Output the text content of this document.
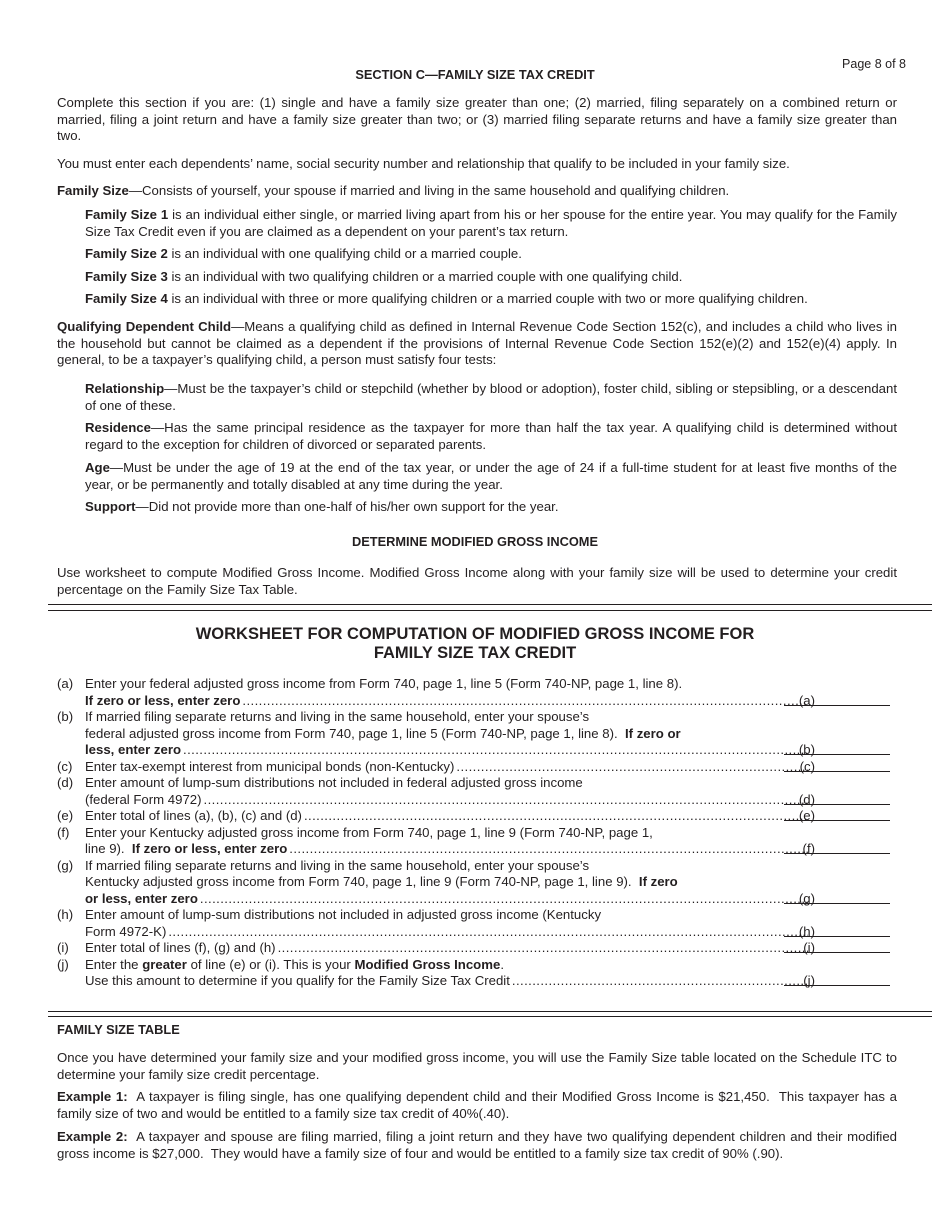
Page 8 of 8
SECTION C—FAMILY SIZE TAX CREDIT
Complete this section if you are: (1) single and have a family size greater than one; (2) married, filing separately on a combined return or married, filing a joint return and have a family size greater than two; or (3) married filing separate returns and have a family size greater than two.
You must enter each dependents’ name, social security number and relationship that qualify to be included in your family size.
Family Size—Consists of yourself, your spouse if married and living in the same household and qualifying children.
Family Size 1 is an individual either single, or married living apart from his or her spouse for the entire year. You may qualify for the Family Size Tax Credit even if you are claimed as a dependent on your parent’s tax return.
Family Size 2 is an individual with one qualifying child or a married couple.
Family Size 3 is an individual with two qualifying children or a married couple with one qualifying child.
Family Size 4 is an individual with three or more qualifying children or a married couple with two or more qualifying children.
Qualifying Dependent Child—Means a qualifying child as defined in Internal Revenue Code Section 152(c), and includes a child who lives in the household but cannot be claimed as a dependent if the provisions of Internal Revenue Code Section 152(e)(2) and 152(e)(4) apply. In general, to be a taxpayer’s qualifying child, a person must satisfy four tests:
Relationship—Must be the taxpayer’s child or stepchild (whether by blood or adoption), foster child, sibling or stepsibling, or a descendant of one of these.
Residence—Has the same principal residence as the taxpayer for more than half the tax year. A qualifying child is determined without regard to the exception for children of divorced or separated parents.
Age—Must be under the age of 19 at the end of the tax year, or under the age of 24 if a full-time student for at least five months of the year, or be permanently and totally disabled at any time during the year.
Support—Did not provide more than one-half of his/her own support for the year.
DETERMINE MODIFIED GROSS INCOME
Use worksheet to compute Modified Gross Income. Modified Gross Income along with your family size will be used to determine your credit percentage on the Family Size Tax Table.
WORKSHEET FOR COMPUTATION OF MODIFIED GROSS INCOME FOR
FAMILY SIZE TAX CREDIT
(a) Enter your federal adjusted gross income from Form 740, page 1, line 5 (Form 740-NP, page 1, line 8).
If zero or less, enter zero .....	(a)
(b) If married filing separate returns and living in the same household, enter your spouse’s
federal adjusted gross income from Form 740, page 1, line 5 (Form 740-NP, page 1, line 8). If zero or
less, enter zero .....	(b)
(c) Enter tax-exempt interest from municipal bonds (non-Kentucky) .....	(c)
(d) Enter amount of lump-sum distributions not included in federal adjusted gross income
(federal Form 4972) .....	(d)
(e) Enter total of lines (a), (b), (c) and (d) .....	(e)
(f) Enter your Kentucky adjusted gross income from Form 740, page 1, line 9 (Form 740-NP, page 1,
line 9). If zero or less, enter zero .....	(f)
(g) If married filing separate returns and living in the same household, enter your spouse’s
Kentucky adjusted gross income from Form 740, page 1, line 9 (Form 740-NP, page 1, line 9). If zero
or less, enter zero .....	(g)
(h) Enter amount of lump-sum distributions not included in adjusted gross income (Kentucky
Form 4972-K) .....	(h)
(i) Enter total of lines (f), (g) and (h) .....	(i)
(j) Enter the greater of line (e) or (i). This is your Modified Gross Income.
Use this amount to determine if you qualify for the Family Size Tax Credit .....	(j)
FAMILY SIZE TABLE
Once you have determined your family size and your modified gross income, you will use the Family Size table located on the Schedule ITC to determine your family size credit percentage.
Example 1:  A taxpayer is filing single, has one qualifying dependent child and their Modified Gross Income is $21,450.  This taxpayer has a family size of two and would be entitled to a family size tax credit of 40%(.40).
Example 2:  A taxpayer and spouse are filing married, filing a joint return and they have two qualifying dependent children and their modified gross income is $27,000.  They would have a family size of four and would be entitled to a family size tax credit of 90% (.90).
